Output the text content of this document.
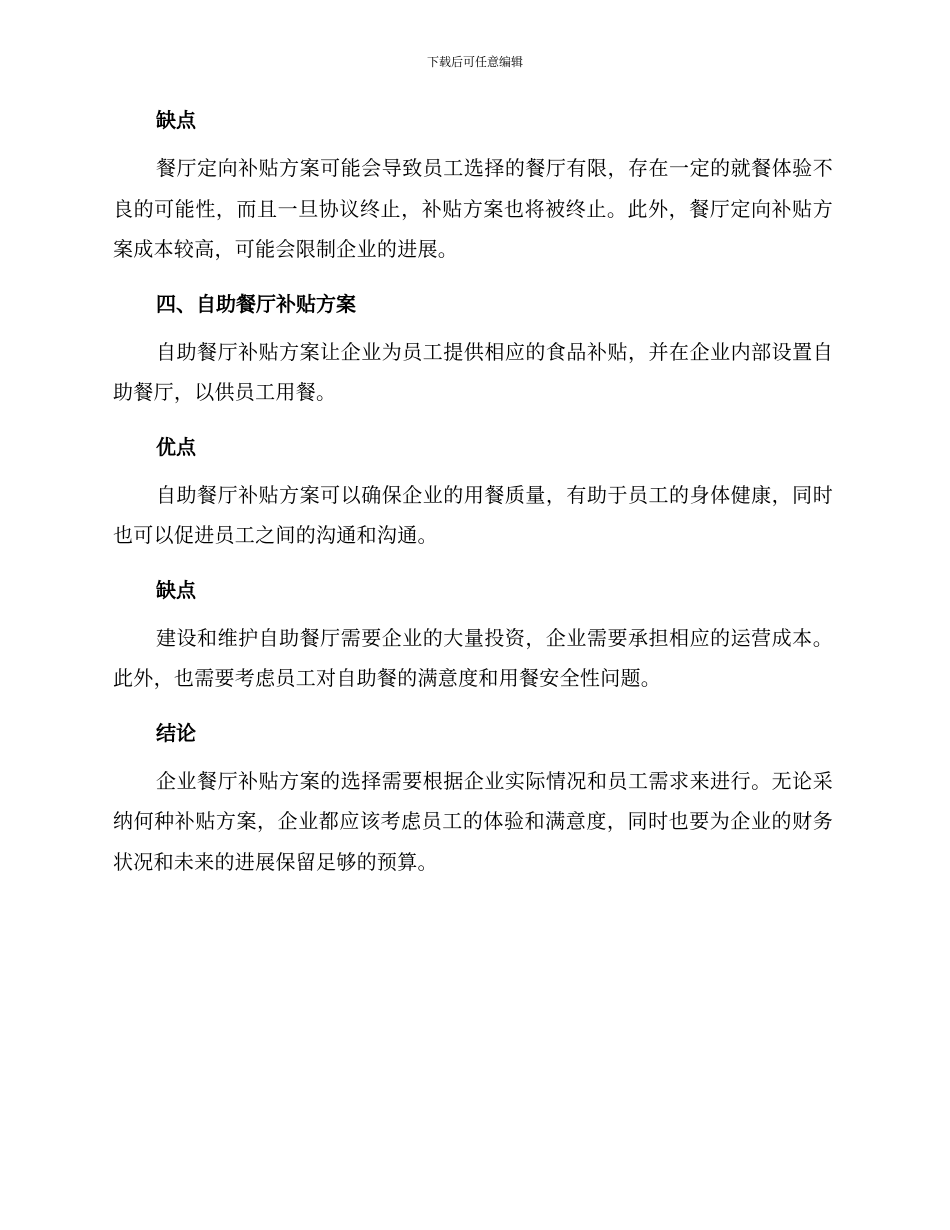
下载后可任意编辑
缺点

餐厅定向补贴方案可能会导致员工选择的餐厅有限，存在一定的就餐体验不良的可能性，而且一旦协议终止，补贴方案也将被终止。此外，餐厅定向补贴方案成本较高，可能会限制企业的进展。

四、自助餐厅补贴方案

自助餐厅补贴方案让企业为员工提供相应的食品补贴，并在企业内部设置自助餐厅，以供员工用餐。

优点

自助餐厅补贴方案可以确保企业的用餐质量，有助于员工的身体健康，同时也可以促进员工之间的沟通和沟通。

缺点

建设和维护自助餐厅需要企业的大量投资，企业需要承担相应的运营成本。此外，也需要考虑员工对自助餐的满意度和用餐安全性问题。

结论

企业餐厅补贴方案的选择需要根据企业实际情况和员工需求来进行。无论采纳何种补贴方案，企业都应该考虑员工的体验和满意度，同时也要为企业的财务状况和未来的进展保留足够的预算。
